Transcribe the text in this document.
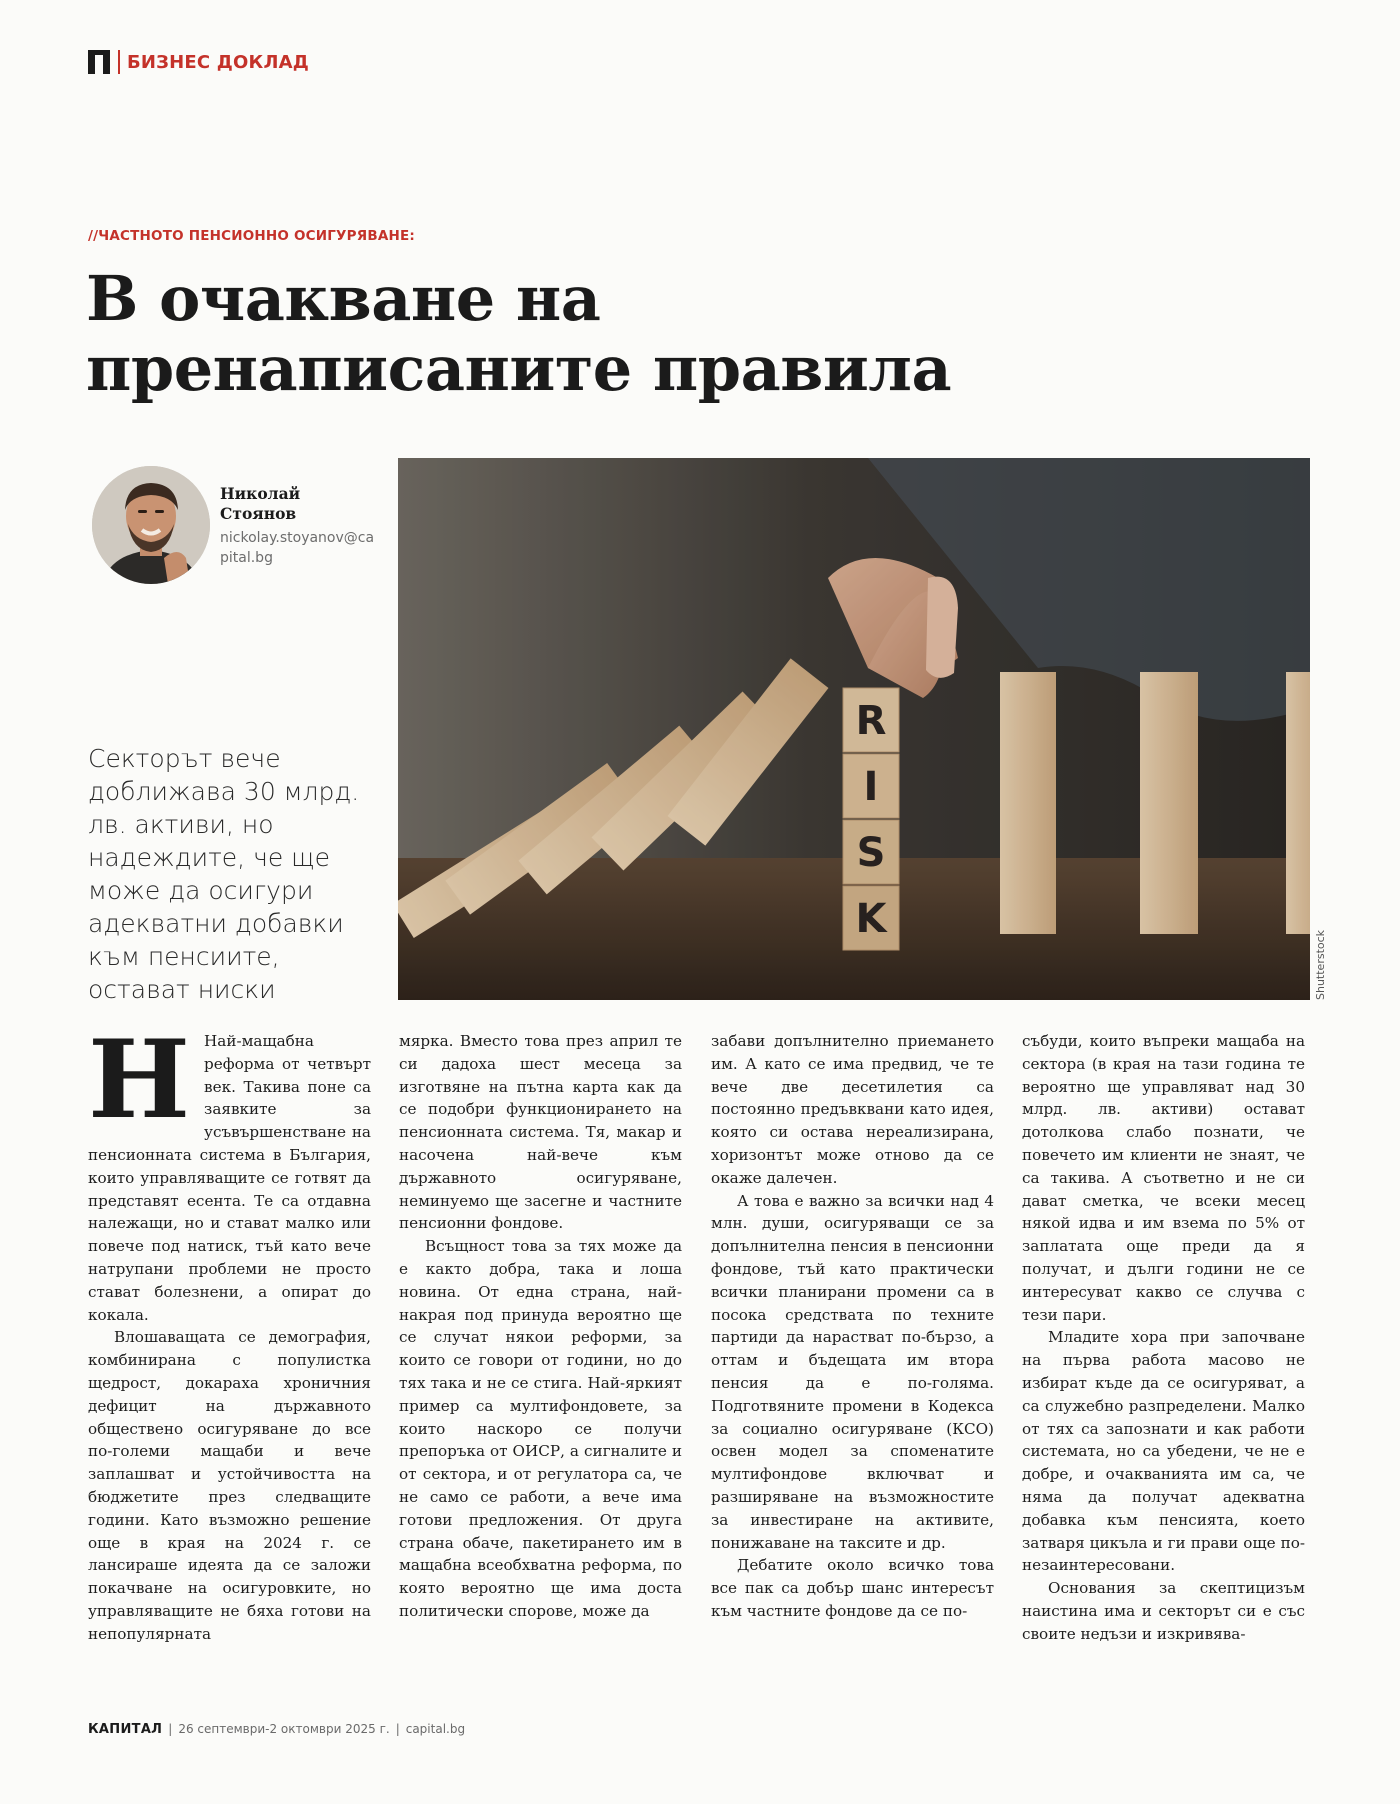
БИЗНЕС ДОКЛАД
//ЧАСТНОТО ПЕНСИОННО ОСИГУРЯВАНЕ:
В очакване на
пренаписаните правила
Николай Стоянов
nickolay.stoyanov@capital.bg
R
I
S
K
Shutterstock
Секторът вече доближава 30 млрд. лв. активи, но надеждите, че ще може да осигури адекватни добавки към пенсиите, остават ниски
Н Най-мащабна реформа от четвърт век. Такива поне са заявките за усъвършенстване на пенсионната система в България, които управляващите се готвят да представят есента. Те са отдавна належащи, но и стават малко или повече под натиск, тъй като вече натрупани проблеми не просто стават болезнени, а опират до кокала.

Влошаващата се демография, комбинирана с популистка щедрост, докараха хроничния дефицит на държавното обществено осигуряване до все по-големи мащаби и вече заплашват и устойчивостта на бюджетите през следващите години. Като възможно решение още в края на 2024 г. се лансираше идеята да се заложи покачване на осигуровките, но управляващите не бяха готови на непопулярната

мярка. Вместо това през април те си дадоха шест месеца за изготвяне на пътна карта как да се подобри функционирането на пенсионната система. Тя, макар и насочена най-вече към държавното осигуряване, неминуемо ще засегне и частните пенсионни фондове.

Всъщност това за тях може да е както добра, така и лоша новина. От една страна, най-накрая под принуда вероятно ще се случат някои реформи, за които се говори от години, но до тях така и не се стига. Най-яркият пример са мултифондовете, за които наскоро се получи препоръка от ОИСР, а сигналите и от сектора, и от регулатора са, че не само се работи, а вече има готови предложения. От друга страна обаче, пакетирането им в мащабна всеобхватна реформа, по която вероятно ще има доста политически спорове, може да

забави допълнително приемането им. А като се има предвид, че те вече две десетилетия са постоянно предъвквани като идея, която си остава нереализирана, хоризонтът може отново да се окаже далечен.

А това е важно за всички над 4 млн. души, осигуряващи се за допълнителна пенсия в пенсионни фондове, тъй като практически всички планирани промени са в посока средствата по техните партиди да нарастват по-бързо, а оттам и бъдещата им втора пенсия да е по-голяма. Подготвяните промени в Кодекса за социално осигуряване (КСО) освен модел за споменатите мултифондове включват и разширяване на възможностите за инвестиране на активите, понижаване на таксите и др.

Дебатите около всичко това все пак са добър шанс интересът към частните фондове да се по-

събуди, които въпреки мащаба на сектора (в края на тази година те вероятно ще управляват над 30 млрд. лв. активи) остават дотолкова слабо познати, че повечето им клиенти не знаят, че са такива. А съответно и не си дават сметка, че всеки месец някой идва и им взема по 5% от заплатата още преди да я получат, и дълги години не се интересуват какво се случва с тези пари.

Младите хора при започване на първа работа масово не избират къде да се осигуряват, а са служебно разпределени. Малко от тях са запознати и как работи системата, но са убедени, че не е добре, и очакванията им са, че няма да получат адекватна добавка към пенсията, което затваря цикъла и ги прави още по-незаинтересовани.

Основания за скептицизъм наистина има и секторът си е със своите недъзи и изкривява-

КАПИТАЛ | 26 септември-2 октомври 2025 г. | capital.bg
